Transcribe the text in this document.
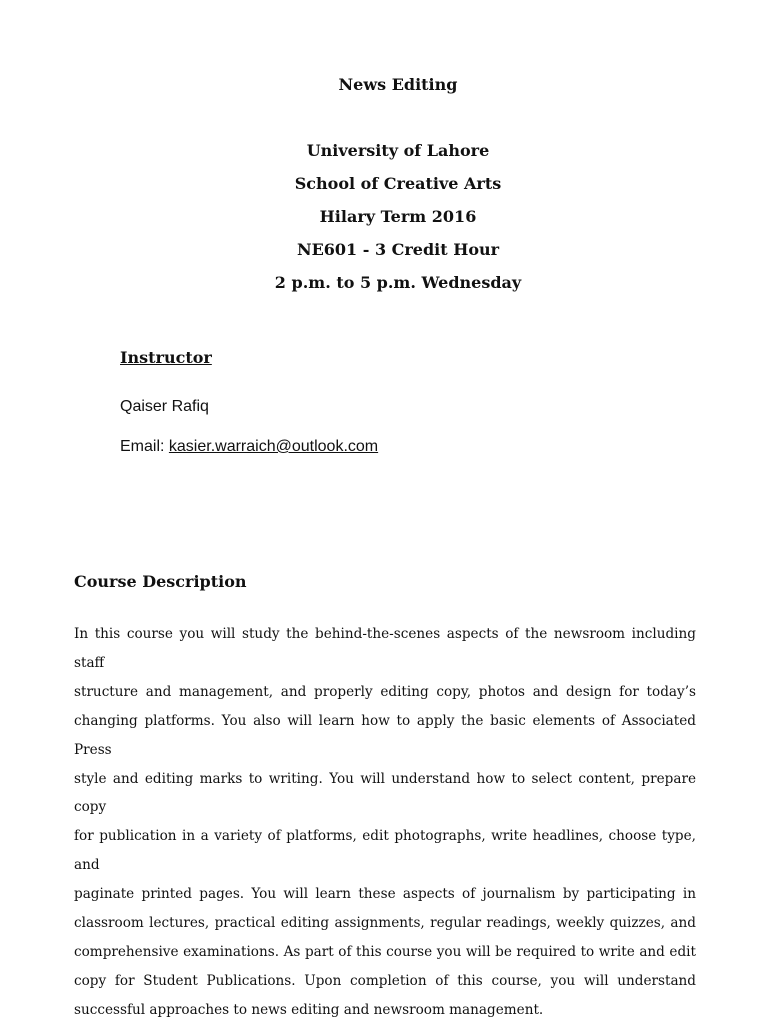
News Editing
University of Lahore
School of Creative Arts
Hilary Term 2016
NE601 - 3 Credit Hour
2 p.m. to 5 p.m. Wednesday
Instructor
Qaiser Rafiq
Email: kasier.warraich@outlook.com
Course Description
In this course you will study the behind-the-scenes aspects of the newsroom including staff
structure and management, and properly editing copy, photos and design for today’s
changing platforms. You also will learn how to apply the basic elements of Associated Press
style and editing marks to writing. You will understand how to select content, prepare copy
for publication in a variety of platforms, edit photographs, write headlines, choose type, and
paginate printed pages. You will learn these aspects of journalism by participating in
classroom lectures, practical editing assignments, regular readings, weekly quizzes, and
comprehensive examinations. As part of this course you will be required to write and edit
copy for Student Publications. Upon completion of this course, you will understand
successful approaches to news editing and newsroom management.
